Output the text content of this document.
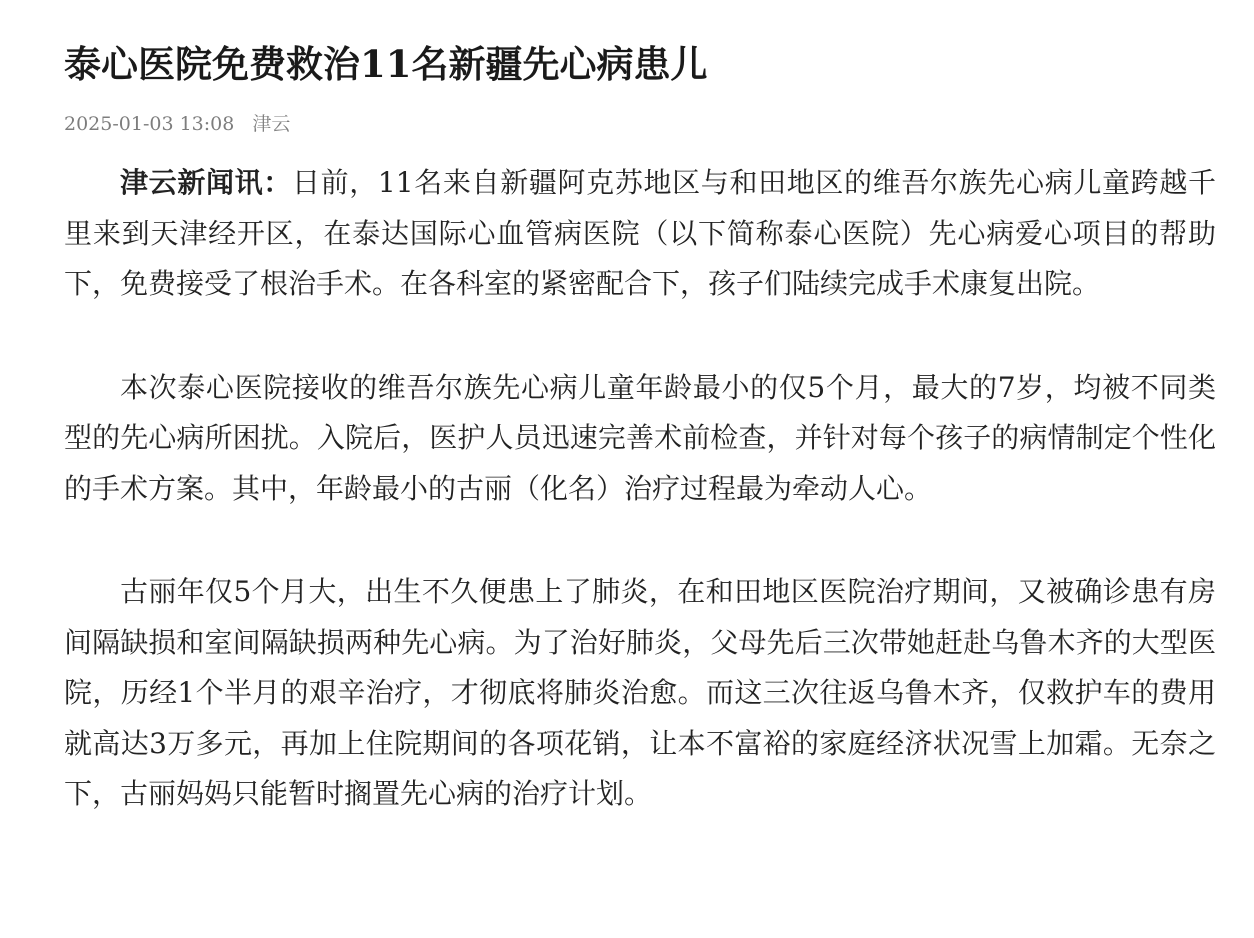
泰心医院免费救治11名新疆先心病患儿
2025-01-03 13:08 津云

津云新闻讯：日前，11名来自新疆阿克苏地区与和田地区的维吾尔族先心病儿童跨越千里来到天津经开区，在泰达国际心血管病医院（以下简称泰心医院）先心病爱心项目的帮助下，免费接受了根治手术。在各科室的紧密配合下，孩子们陆续完成手术康复出院。

本次泰心医院接收的维吾尔族先心病儿童年龄最小的仅5个月，最大的7岁，均被不同类型的先心病所困扰。入院后，医护人员迅速完善术前检查，并针对每个孩子的病情制定个性化的手术方案。其中，年龄最小的古丽（化名）治疗过程最为牵动人心。

古丽年仅5个月大，出生不久便患上了肺炎，在和田地区医院治疗期间，又被确诊患有房间隔缺损和室间隔缺损两种先心病。为了治好肺炎，父母先后三次带她赶赴乌鲁木齐的大型医院，历经1个半月的艰辛治疗，才彻底将肺炎治愈。而这三次往返乌鲁木齐，仅救护车的费用就高达3万多元，再加上住院期间的各项花销，让本不富裕的家庭经济状况雪上加霜。无奈之下，古丽妈妈只能暂时搁置先心病的治疗计划。
